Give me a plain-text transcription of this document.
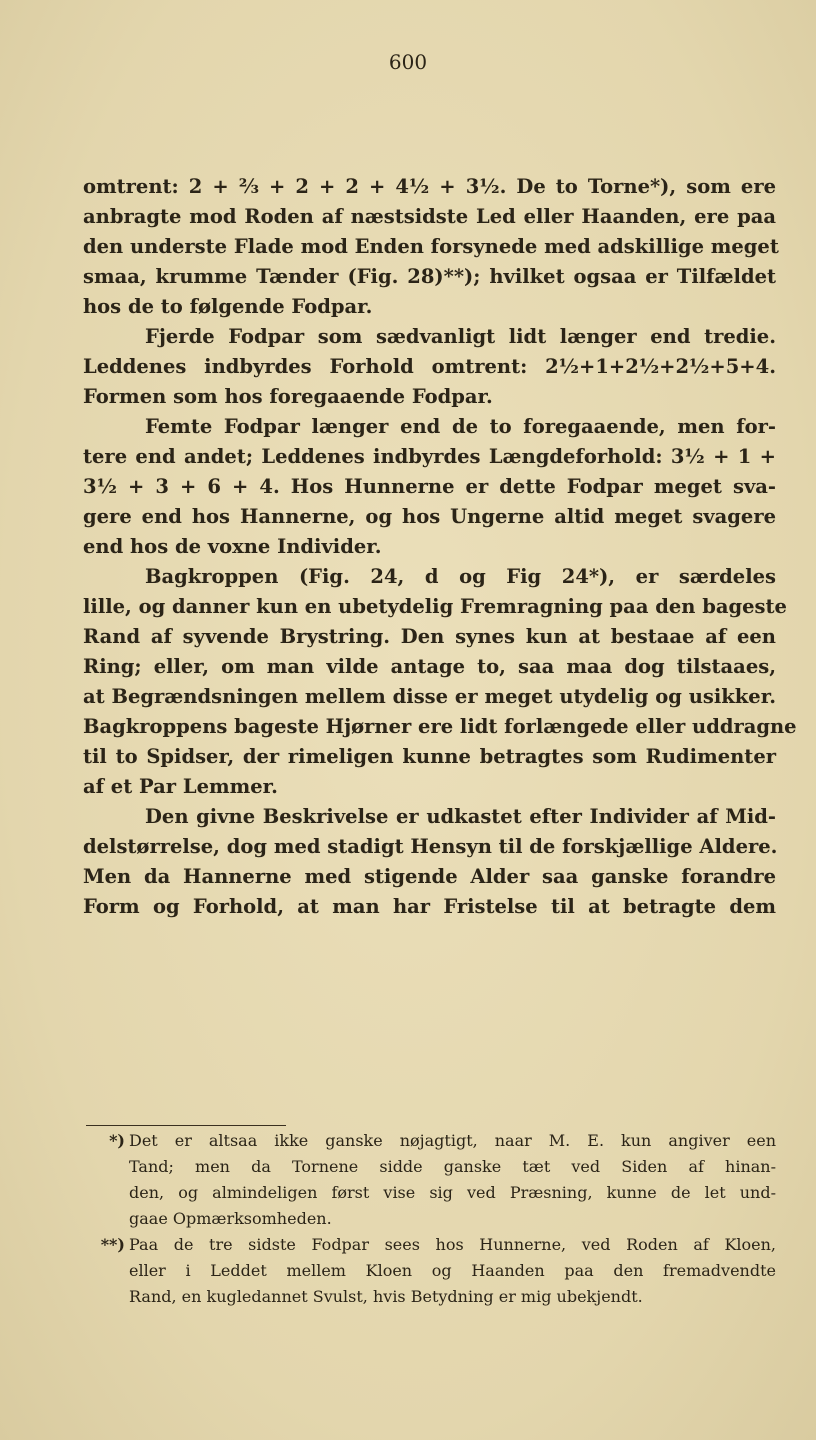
600
omtrent: 2 + ⅔ + 2 + 2 + 4½ + 3½. De to Torne*), som ere
anbragte mod Roden af næstsidste Led eller Haanden, ere paa
den underste Flade mod Enden forsynede med adskillige meget
smaa, krumme Tænder (Fig. 28)**); hvilket ogsaa er Tilfældet
hos de to følgende Fodpar.
Fjerde Fodpar som sædvanligt lidt længer end tredie.
Leddenes indbyrdes Forhold omtrent: 2½+1+2½+2½+5+4.
Formen som hos foregaaende Fodpar.
Femte Fodpar længer end de to foregaaende, men for-
tere end andet; Leddenes indbyrdes Længdeforhold: 3½ + 1 +
3½ + 3 + 6 + 4. Hos Hunnerne er dette Fodpar meget sva-
gere end hos Hannerne, og hos Ungerne altid meget svagere
end hos de voxne Individer.
Bagkroppen (Fig. 24, d og Fig 24*), er særdeles
lille, og danner kun en ubetydelig Fremragning paa den bageste
Rand af syvende Brystring. Den synes kun at bestaae af een
Ring; eller, om man vilde antage to, saa maa dog tilstaaes,
at Begrændsningen mellem disse er meget utydelig og usikker.
Bagkroppens bageste Hjørner ere lidt forlængede eller uddragne
til to Spidser, der rimeligen kunne betragtes som Rudimenter
af et Par Lemmer.
Den givne Beskrivelse er udkastet efter Individer af Mid-
delstørrelse, dog med stadigt Hensyn til de forskjællige Aldere.
Men da Hannerne med stigende Alder saa ganske forandre
Form og Forhold, at man har Fristelse til at betragte dem
*) Det er altsaa ikke ganske nøjagtigt, naar M. E. kun angiver een
Tand; men da Tornene sidde ganske tæt ved Siden af hinan-
den, og almindeligen først vise sig ved Præsning, kunne de let und-
gaae Opmærksomheden.
**) Paa de tre sidste Fodpar sees hos Hunnerne, ved Roden af Kloen,
eller i Leddet mellem Kloen og Haanden paa den fremadvendte
Rand, en kugledannet Svulst, hvis Betydning er mig ubekjendt.
